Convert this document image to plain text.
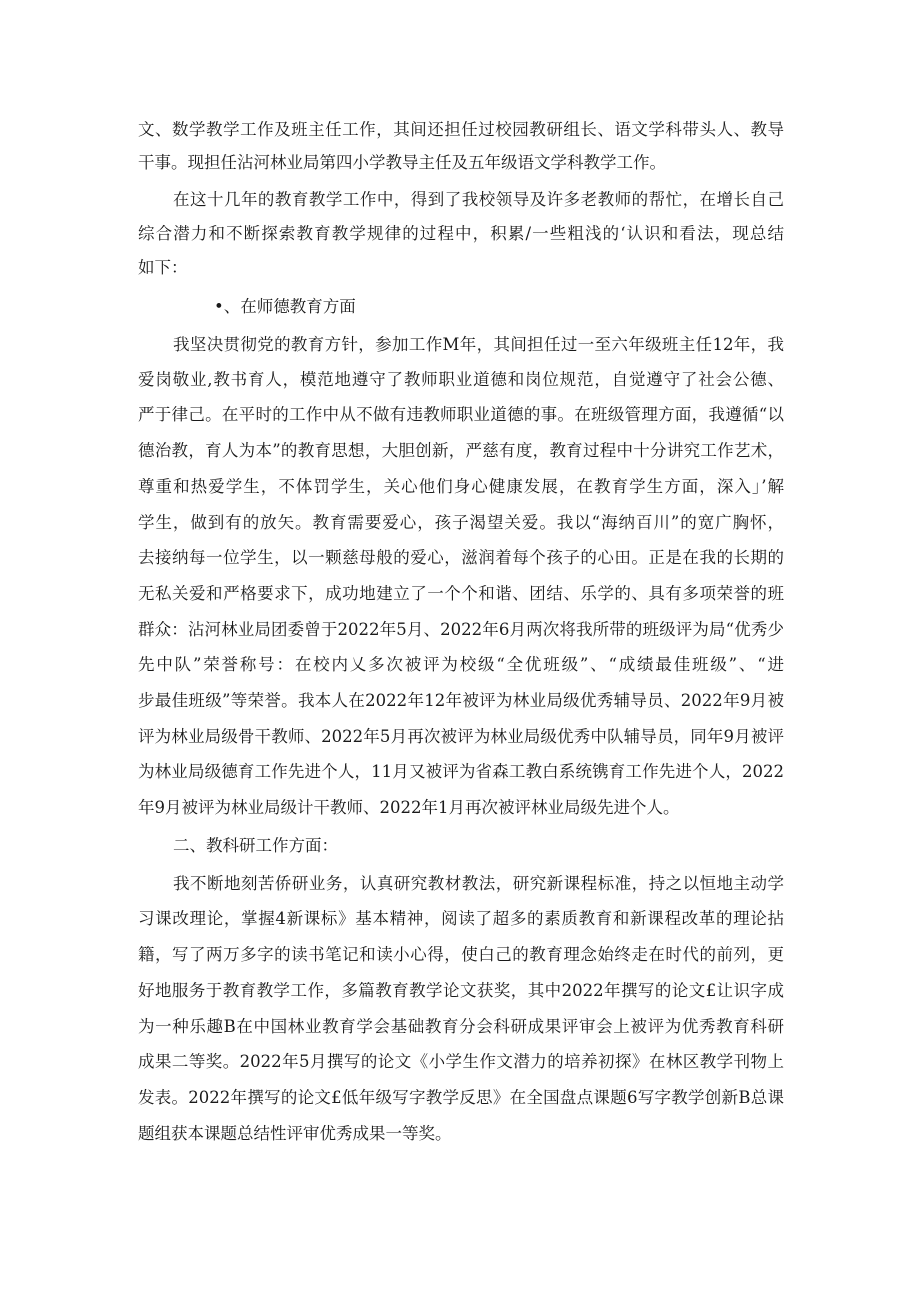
文、数学教学工作及班主任工作，其间还担任过校园教研组长、语文学科带头人、教导
干事。现担任沾河林业局第四小学教导主任及五年级语文学科教学工作。
在这十几年的教育教学工作中，得到了我校领导及许多老教师的帮忙，在增长自己
综合潜力和不断探索教育教学规律的过程中，积累/一些粗浅的‘认识和看法，现总结
如下：
•、在师德教育方面
我坚决贯彻党的教育方针，参加工作M年，其间担任过一至六年级班主任12年，我
爱岗敬业,教书育人，模范地遵守了教师职业道德和岗位规范，自觉遵守了社会公德、
严于律己。在平时的工作中从不做有违教师职业道德的事。在班级管理方面，我遵循“以
德治教，育人为本”的教育思想，大胆创新，严慈有度，教育过程中十分讲究工作艺术，
尊重和热爱学生，不体罚学生，关心他们身心健康发展，在教育学生方面，深入」’解
学生，做到有的放矢。教育需要爱心，孩子渴望关爱。我以“海纳百川”的宽广胸怀，
去接纳每一位学生，以一颗慈母般的爱心，滋润着每个孩子的心田。正是在我的长期的
无私关爱和严格要求下，成功地建立了一个个和谐、团结、乐学的、具有多项荣誉的班
群众：沾河林业局团委曾于2022年5月、2022年6月两次将我所带的班级评为局“优秀少
先中队”荣誉称号：在校内乂多次被评为校级“全优班级”、“成绩最佳班级”、“进
步最佳班级”等荣誉。我本人在2022年12年被评为林业局级优秀辅导员、2022年9月被
评为林业局级骨干教师、2022年5月再次被评为林业局级优秀中队辅导员，同年9月被评
为林业局级德育工作先进个人，11月又被评为省森工教白系统镌育工作先进个人，2022
年9月被评为林业局级计干教师、2022年1月再次被评林业局级先进个人。
二、教科研工作方面：
我不断地刻苦侨研业务，认真研究教材教法，研究新课程标准，持之以恒地主动学
习课改理论，掌握4新课标》基本精神，阅读了超多的素质教育和新课程改革的理论拈
籍，写了两万多字的读书笔记和读小心得，使白己的教育理念始终走在时代的前列，更
好地服务于教育教学工作，多篇教育教学论文获奖，其中2022年撰写的论文£让识字成
为一种乐趣B在中国林业教育学会基础教育分会科研成果评审会上被评为优秀教育科研
成果二等奖。2022年5月撰写的论文《小学生作文潜力的培养初探》在林区教学刊物上
发表。2022年撰写的论文£低年级写字教学反思》在全国盘点课题6写字教学创新B总课
题组获本课题总结性评审优秀成果一等奖。
